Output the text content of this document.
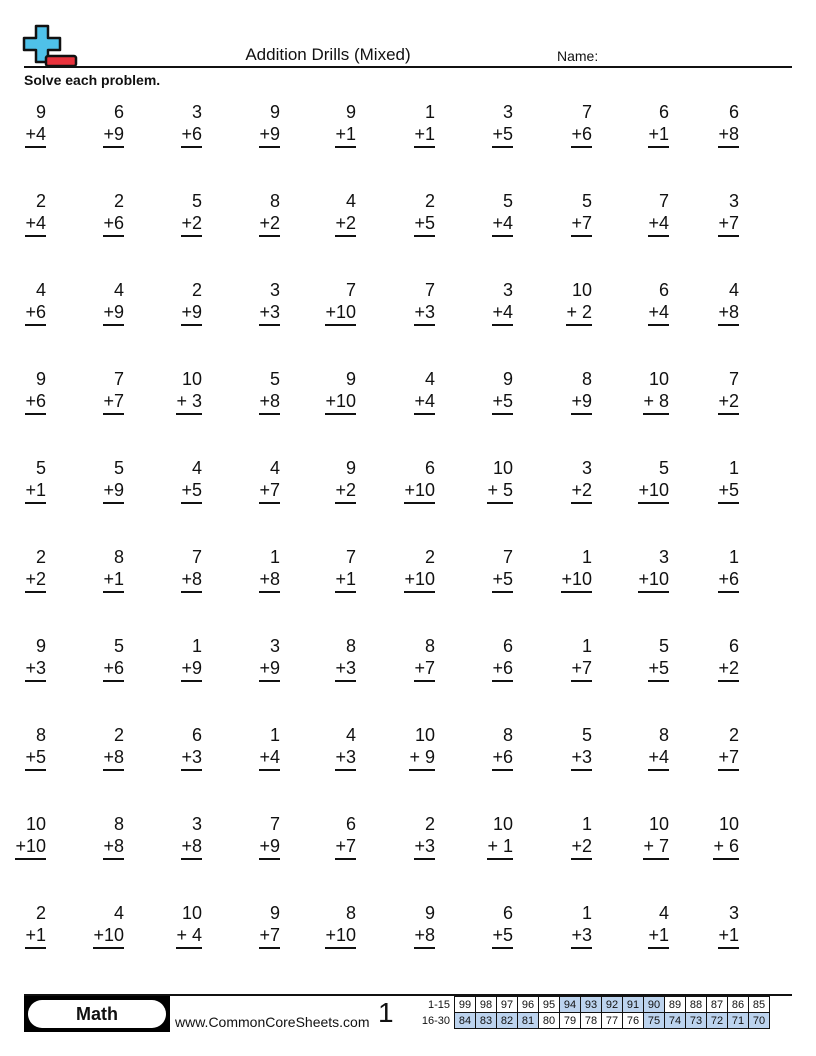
Addition Drills (Mixed)	Name:
Solve each problem.
9
+4
6
+9
3
+6
9
+9
9
+1
1
+1
3
+5
7
+6
6
+1
6
+8
2
+4
2
+6
5
+2
8
+2
4
+2
2
+5
5
+4
5
+7
7
+4
3
+7
4
+6
4
+9
2
+9
3
+3
7
+10
7
+3
3
+4
10
+ 2
6
+4
4
+8
9
+6
7
+7
10
+ 3
5
+8
9
+10
4
+4
9
+5
8
+9
10
+ 8
7
+2
5
+1
5
+9
4
+5
4
+7
9
+2
6
+10
10
+ 5
3
+2
5
+10
1
+5
2
+2
8
+1
7
+8
1
+8
7
+1
2
+10
7
+5
1
+10
3
+10
1
+6
9
+3
5
+6
1
+9
3
+9
8
+3
8
+7
6
+6
1
+7
5
+5
6
+2
8
+5
2
+8
6
+3
1
+4
4
+3
10
+ 9
8
+6
5
+3
8
+4
2
+7
10
+10
8
+8
3
+8
7
+9
6
+7
2
+3
10
+ 1
1
+2
10
+ 7
10
+ 6
2
+1
4
+10
10
+ 4
9
+7
8
+10
9
+8
6
+5
1
+3
4
+1
3
+1
Math	www.CommonCoreSheets.com 1	1-15	99	98	97	96	95	94	93	92	91	90	89	88	87	86	85
16-30	84	83	82	81	80	79	78	77	76	75	74	73	72	71	70
